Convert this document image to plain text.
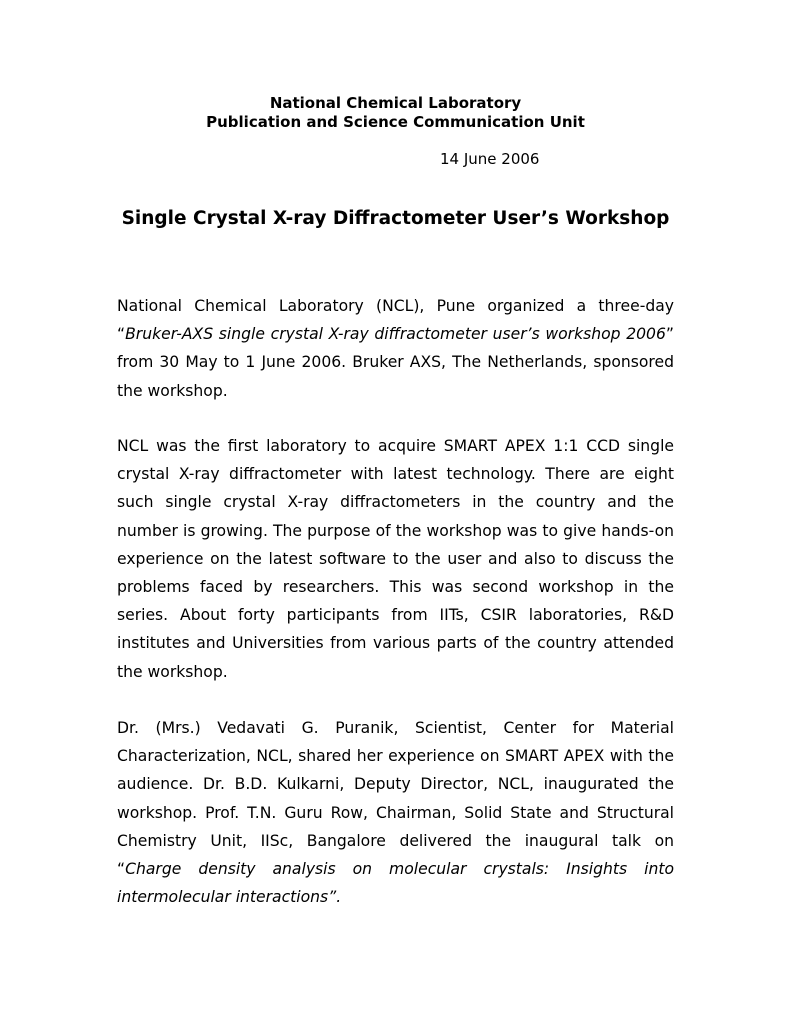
National Chemical Laboratory
Publication and Science Communication Unit
14 June 2006
Single Crystal X-ray Diffractometer User’s Workshop

National Chemical Laboratory (NCL), Pune organized a three-day “Bruker-AXS single crystal X-ray diffractometer user’s workshop 2006” from 30 May to 1 June 2006. Bruker AXS, The Netherlands, sponsored the workshop.

NCL was the first laboratory to acquire SMART APEX 1:1 CCD single crystal X-ray diffractometer with latest technology. There are eight such single crystal X-ray diffractometers in the country and the number is growing. The purpose of the workshop was to give hands-on experience on the latest software to the user and also to discuss the problems faced by researchers. This was second workshop in the series. About forty participants from IITs, CSIR laboratories, R&D institutes and Universities from various parts of the country attended the workshop.

Dr. (Mrs.) Vedavati G. Puranik, Scientist, Center for Material Characterization, NCL, shared her experience on SMART APEX with the audience. Dr. B.D. Kulkarni, Deputy Director, NCL, inaugurated the workshop. Prof. T.N. Guru Row, Chairman, Solid State and Structural Chemistry Unit, IISc, Bangalore delivered the inaugural talk on “Charge density analysis on molecular crystals: Insights into intermolecular interactions”.
